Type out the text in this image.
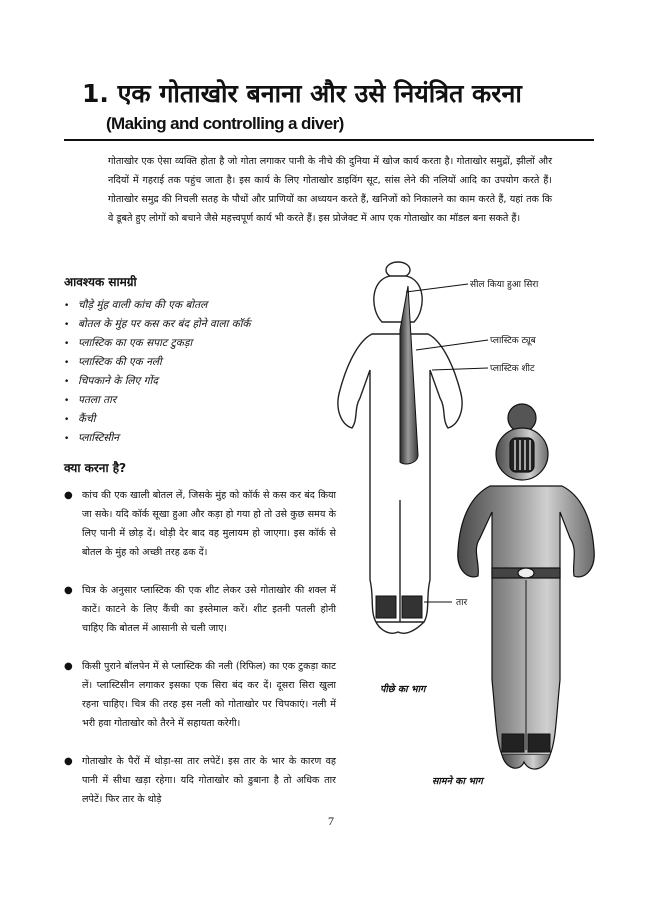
1. एक गोताखोर बनाना और उसे नियंत्रित करना
(Making and controlling a diver)
गोताखोर एक ऐसा व्यक्ति होता है जो गोता लगाकर पानी के नीचे की दुनिया में खोज कार्य करता है। गोताखोर समुद्रों, झीलों और नदियों में गहराई तक पहुंच जाता है। इस कार्य के लिए गोताखोर डाइविंग सूट, सांस लेने की नलियों आदि का उपयोग करते हैं। गोताखोर समुद्र की निचली सतह के पौधों और प्राणियों का अध्ययन करते हैं, खनिजों को निकालने का काम करते हैं, यहां तक कि वे डूबते हुए लोगों को बचाने जैसे महत्त्वपूर्ण कार्य भी करते हैं। इस प्रोजेक्ट में आप एक गोताखोर का मॉडल बना सकते हैं।
आवश्यक सामग्री
• चौड़े मुंह वाली कांच की एक बोतल
• बोतल के मुंह पर कस कर बंद होने वाला कॉर्क
• प्लास्टिक का एक सपाट टुकड़ा
• प्लास्टिक की एक नली
• चिपकाने के लिए गोंद
• पतला तार
• कैंची
• प्लास्टिसीन
क्या करना है?
● कांच की एक खाली बोतल लें, जिसके मुंह को कॉर्क से कस कर बंद किया जा सके। यदि कॉर्क सूखा हुआ और कड़ा हो गया हो तो उसे कुछ समय के लिए पानी में छोड़ दें। थोड़ी देर बाद वह मुलायम हो जाएगा। इस कॉर्क से बोतल के मुंह को अच्छी तरह ढक दें।
● चित्र के अनुसार प्लास्टिक की एक शीट लेकर उसे गोताखोर की शक्ल में काटें। काटने के लिए कैंची का इस्तेमाल करें। शीट इतनी पतली होनी चाहिए कि बोतल में आसानी से चली जाए।
● किसी पुराने बॉलपेन में से प्लास्टिक की नली (रिफिल) का एक टुकड़ा काट लें। प्लास्टिसीन लगाकर इसका एक सिरा बंद कर दें। दूसरा सिरा खुला रहना चाहिए। चित्र की तरह इस नली को गोताखोर पर चिपकाएं। नली में भरी हवा गोताखोर को तैरने में सहायता करेगी।
● गोताखोर के पैरों में थोड़ा-सा तार लपेटें। इस तार के भार के कारण वह पानी में सीधा खड़ा रहेगा। यदि गोताखोर को डुबाना है तो अधिक तार लपेटें। फिर तार के थोड़े
सील किया हुआ सिरा
प्लास्टिक ट्यूब
प्लास्टिक शीट
तार
पीछे का भाग
सामने का भाग
7
